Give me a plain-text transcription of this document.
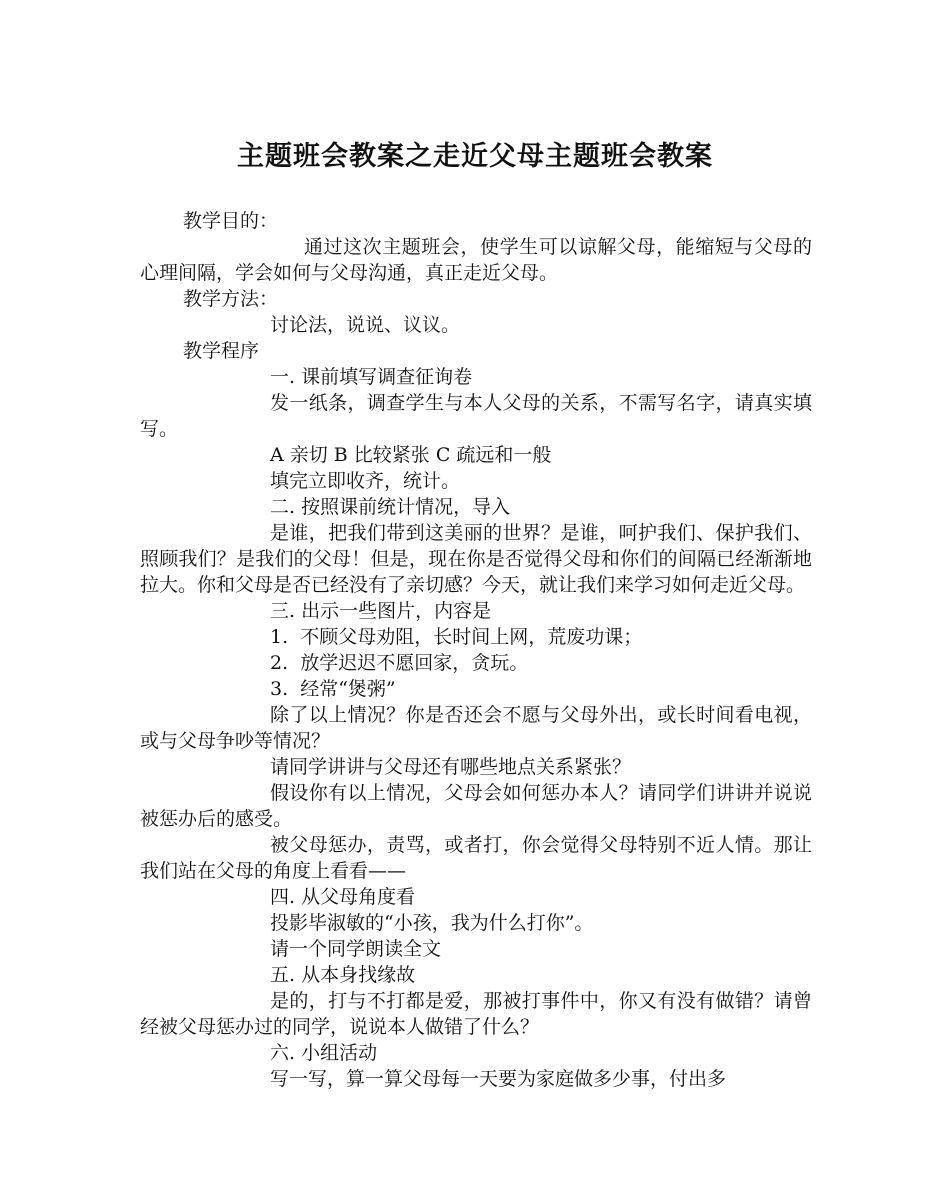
主题班会教案之走近父母主题班会教案

教学目的：

通过这次主题班会，使学生可以谅解父母，能缩短与父母的心理间隔，学会如何与父母沟通，真正走近父母。

教学方法：

讨论法，说说、议议。

教学程序

一. 课前填写调查征询卷

发一纸条，调查学生与本人父母的关系，不需写名字，请真实填写。

A 亲切 B 比较紧张 C 疏远和一般

填完立即收齐，统计。

二. 按照课前统计情况，导入

是谁，把我们带到这美丽的世界？是谁，呵护我们、保护我们、照顾我们？是我们的父母！但是，现在你是否觉得父母和你们的间隔已经渐渐地拉大。你和父母是否已经没有了亲切感？今天，就让我们来学习如何走近父母。

三. 出示一些图片，内容是

1.  不顾父母劝阻，长时间上网，荒废功课；

2.  放学迟迟不愿回家，贪玩。

3.  经常“煲粥”

除了以上情况？你是否还会不愿与父母外出，或长时间看电视，或与父母争吵等情况？

请同学讲讲与父母还有哪些地点关系紧张？

假设你有以上情况，父母会如何惩办本人？请同学们讲讲并说说被惩办后的感受。

被父母惩办，责骂，或者打，你会觉得父母特别不近人情。那让我们站在父母的角度上看看——

四. 从父母角度看

投影毕淑敏的“小孩，我为什么打你”。

请一个同学朗读全文

五. 从本身找缘故

是的，打与不打都是爱，那被打事件中，你又有没有做错？请曾经被父母惩办过的同学，说说本人做错了什么？

六. 小组活动

写一写，算一算父母每一天要为家庭做多少事，付出多
